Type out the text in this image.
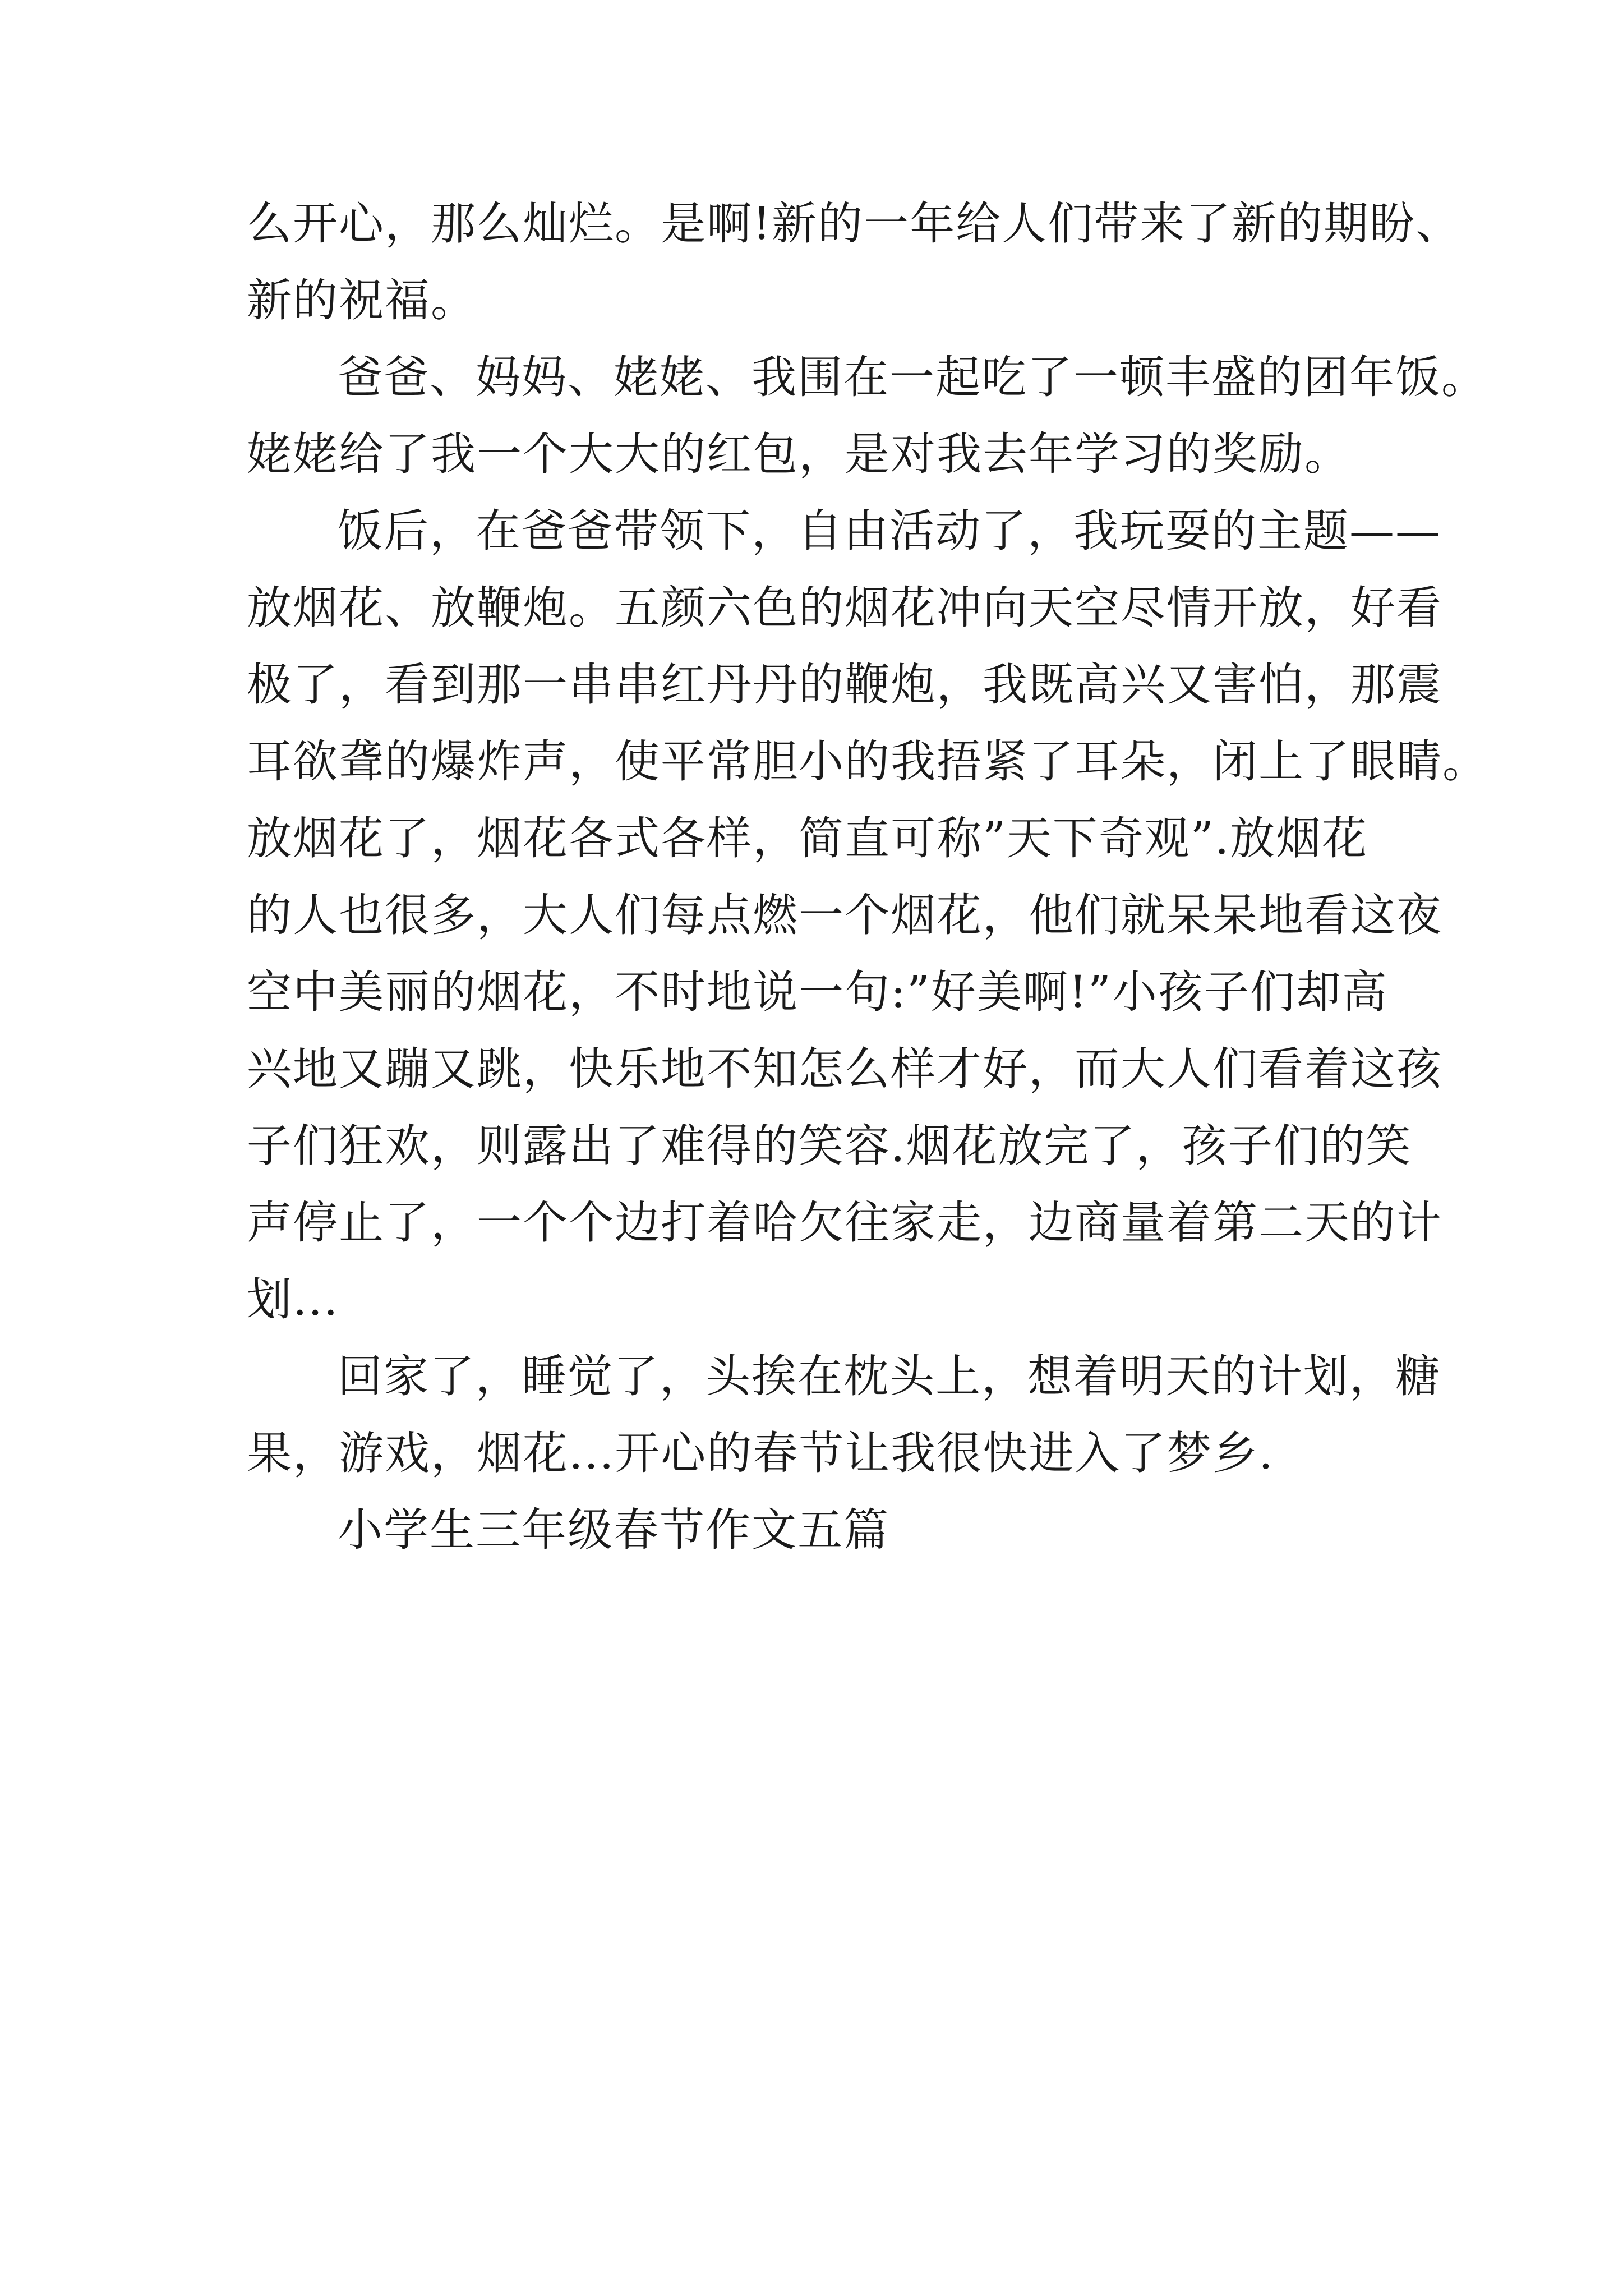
么开心，那么灿烂。是啊!新的一年给人们带来了新的期盼、
新的祝福。
爸爸、妈妈、姥姥、我围在一起吃了一顿丰盛的团年饭。
姥姥给了我一个大大的红包，是对我去年学习的奖励。
饭后，在爸爸带领下，自由活动了，我玩耍的主题——
放烟花、放鞭炮。五颜六色的烟花冲向天空尽情开放，好看
极了，看到那一串串红丹丹的鞭炮，我既高兴又害怕，那震
耳欲聋的爆炸声，使平常胆小的我捂紧了耳朵，闭上了眼睛。
放烟花了，烟花各式各样，简直可称”天下奇观”.放烟花
的人也很多，大人们每点燃一个烟花，他们就呆呆地看这夜
空中美丽的烟花，不时地说一句:”好美啊!”小孩子们却高
兴地又蹦又跳，快乐地不知怎么样才好，而大人们看着这孩
子们狂欢，则露出了难得的笑容.烟花放完了，孩子们的笑
声停止了，一个个边打着哈欠往家走，边商量着第二天的计
划...
回家了，睡觉了，头挨在枕头上，想着明天的计划，糖
果，游戏，烟花...开心的春节让我很快进入了梦乡.
小学生三年级春节作文五篇
